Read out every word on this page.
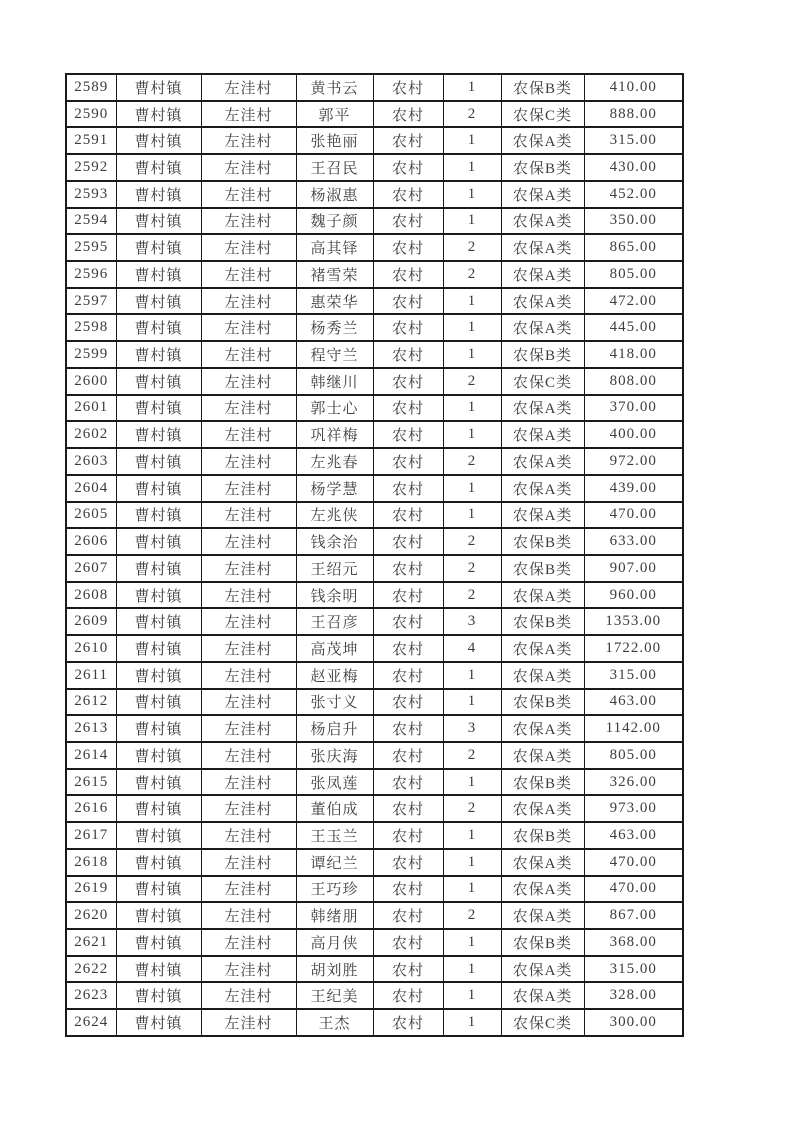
2589	曹村镇	左洼村	黄书云	农村	1	农保B类	410.00
2590	曹村镇	左洼村	郭平	农村	2	农保C类	888.00
2591	曹村镇	左洼村	张艳丽	农村	1	农保A类	315.00
2592	曹村镇	左洼村	王召民	农村	1	农保B类	430.00
2593	曹村镇	左洼村	杨淑惠	农村	1	农保A类	452.00
2594	曹村镇	左洼村	魏子颜	农村	1	农保A类	350.00
2595	曹村镇	左洼村	高其铎	农村	2	农保A类	865.00
2596	曹村镇	左洼村	褚雪荣	农村	2	农保A类	805.00
2597	曹村镇	左洼村	惠荣华	农村	1	农保A类	472.00
2598	曹村镇	左洼村	杨秀兰	农村	1	农保A类	445.00
2599	曹村镇	左洼村	程守兰	农村	1	农保B类	418.00
2600	曹村镇	左洼村	韩继川	农村	2	农保C类	808.00
2601	曹村镇	左洼村	郭士心	农村	1	农保A类	370.00
2602	曹村镇	左洼村	巩祥梅	农村	1	农保A类	400.00
2603	曹村镇	左洼村	左兆春	农村	2	农保A类	972.00
2604	曹村镇	左洼村	杨学慧	农村	1	农保A类	439.00
2605	曹村镇	左洼村	左兆侠	农村	1	农保A类	470.00
2606	曹村镇	左洼村	钱余治	农村	2	农保B类	633.00
2607	曹村镇	左洼村	王绍元	农村	2	农保B类	907.00
2608	曹村镇	左洼村	钱余明	农村	2	农保A类	960.00
2609	曹村镇	左洼村	王召彦	农村	3	农保B类	1353.00
2610	曹村镇	左洼村	高茂坤	农村	4	农保A类	1722.00
2611	曹村镇	左洼村	赵亚梅	农村	1	农保A类	315.00
2612	曹村镇	左洼村	张寸义	农村	1	农保B类	463.00
2613	曹村镇	左洼村	杨启升	农村	3	农保A类	1142.00
2614	曹村镇	左洼村	张庆海	农村	2	农保A类	805.00
2615	曹村镇	左洼村	张凤莲	农村	1	农保B类	326.00
2616	曹村镇	左洼村	董伯成	农村	2	农保A类	973.00
2617	曹村镇	左洼村	王玉兰	农村	1	农保B类	463.00
2618	曹村镇	左洼村	谭纪兰	农村	1	农保A类	470.00
2619	曹村镇	左洼村	王巧珍	农村	1	农保A类	470.00
2620	曹村镇	左洼村	韩绪朋	农村	2	农保A类	867.00
2621	曹村镇	左洼村	高月侠	农村	1	农保B类	368.00
2622	曹村镇	左洼村	胡刘胜	农村	1	农保A类	315.00
2623	曹村镇	左洼村	王纪美	农村	1	农保A类	328.00
2624	曹村镇	左洼村	王杰	农村	1	农保C类	300.00
